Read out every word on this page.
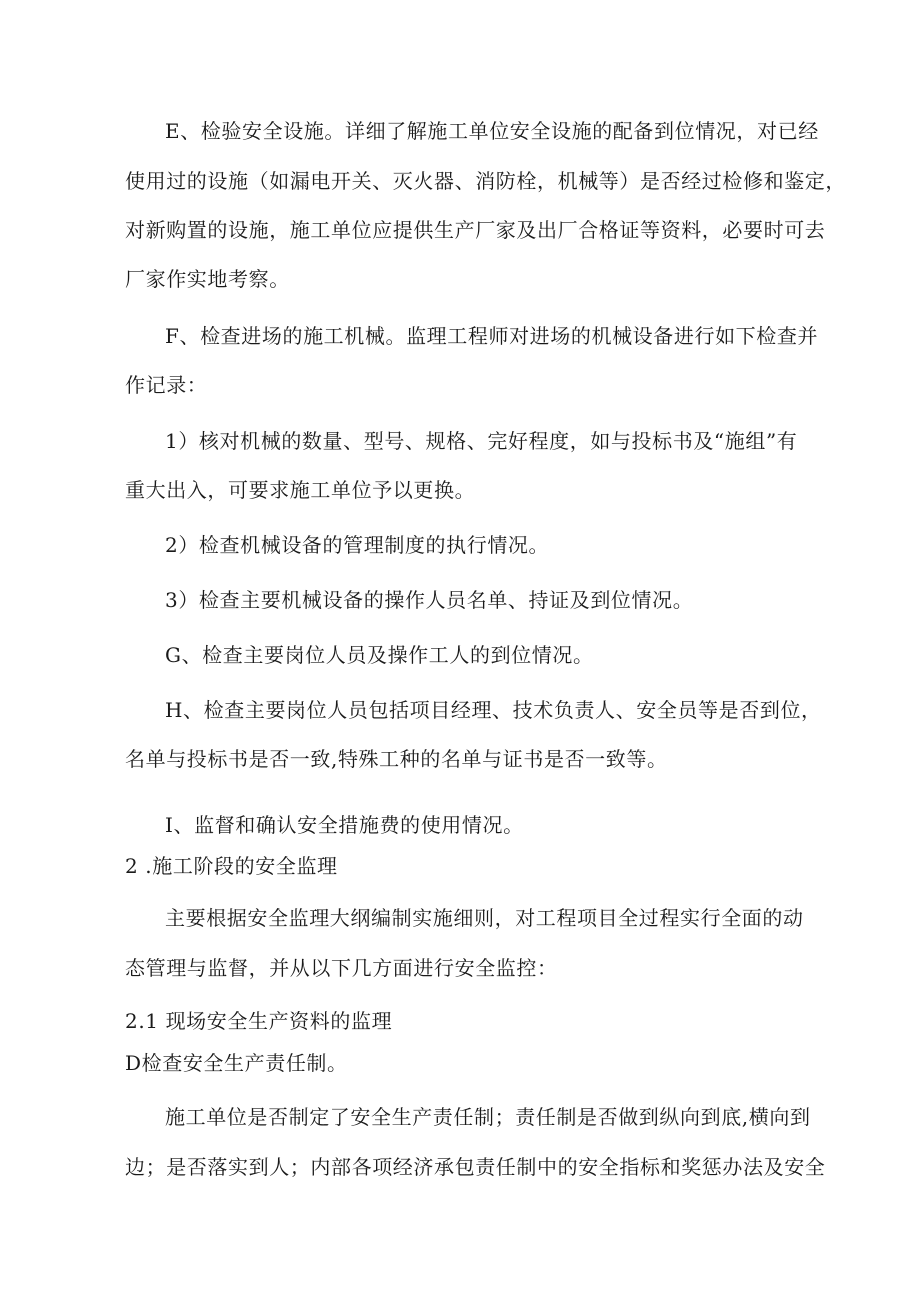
E、检验安全设施。详细了解施工单位安全设施的配备到位情况，对已经
使用过的设施（如漏电开关、灭火器、消防栓，机械等）是否经过检修和鉴定，
对新购置的设施，施工单位应提供生产厂家及出厂合格证等资料，必要时可去
厂家作实地考察。
F、检查进场的施工机械。监理工程师对进场的机械设备进行如下检查并
作记录：
1）核对机械的数量、型号、规格、完好程度，如与投标书及“施组”有
重大出入，可要求施工单位予以更换。
2）检查机械设备的管理制度的执行情况。
3）检查主要机械设备的操作人员名单、持证及到位情况。
G、检查主要岗位人员及操作工人的到位情况。
H、检查主要岗位人员包括项目经理、技术负责人、安全员等是否到位，
名单与投标书是否一致,特殊工种的名单与证书是否一致等。
I、监督和确认安全措施费的使用情况。
2 .施工阶段的安全监理
主要根据安全监理大纲编制实施细则，对工程项目全过程实行全面的动
态管理与监督，并从以下几方面进行安全监控：
2.1 现场安全生产资料的监理
D检查安全生产责任制。
施工单位是否制定了安全生产责任制；责任制是否做到纵向到底,横向到
边；是否落实到人；内部各项经济承包责任制中的安全指标和奖惩办法及安全
